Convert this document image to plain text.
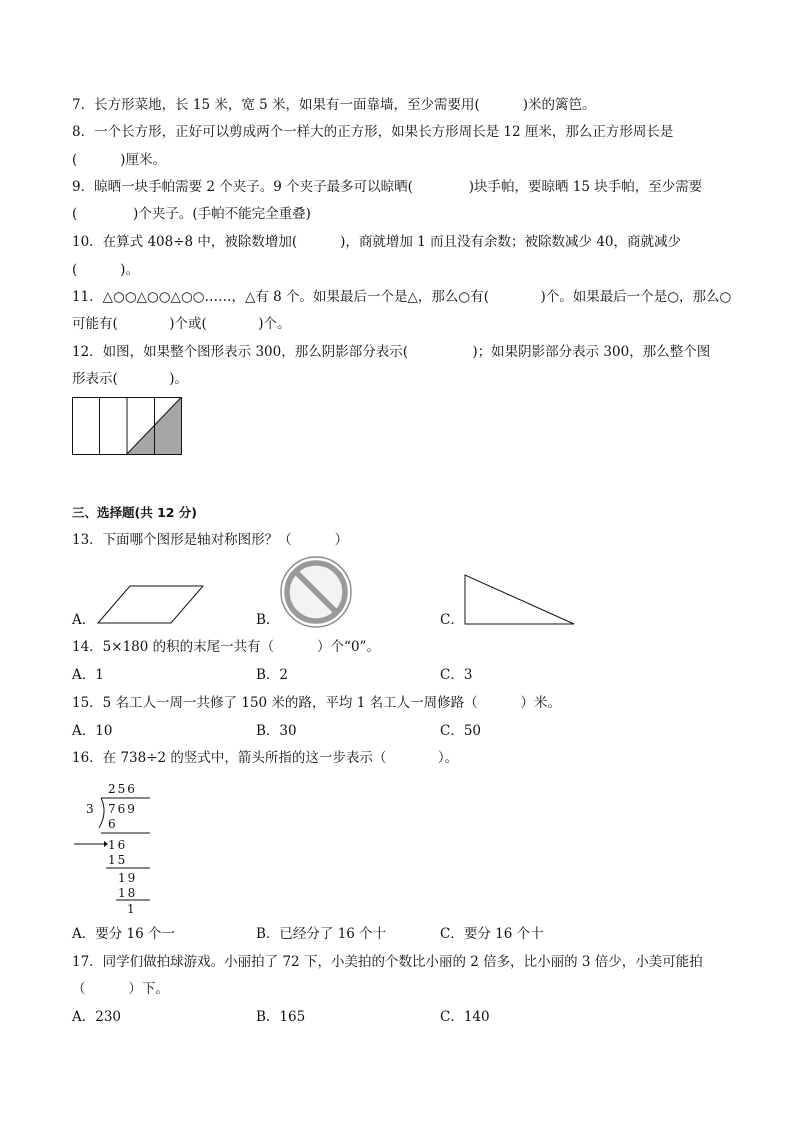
7．长方形菜地，长 15 米，宽 5 米，如果有一面靠墙，至少需要用(          )米的篱笆。
8．一个长方形，正好可以剪成两个一样大的正方形，如果长方形周长是 12 厘米，那么正方形周长是
(          )厘米。
9．晾晒一块手帕需要 2 个夹子。9 个夹子最多可以晾晒(             )块手帕，要晾晒 15 块手帕，至少需要
(             )个夹子。(手帕不能完全重叠)
10．在算式 408÷8 中，被除数增加(          )，商就增加 1 而且没有余数；被除数减少 40，商就减少
(          )。
11．△○○△○○△○○……，△有 8 个。如果最后一个是△，那么○有(            )个。如果最后一个是○，那么○
可能有(            )个或(            )个。
12．如图，如果整个图形表示 300，那么阴影部分表示(               )；如果阴影部分表示 300，那么整个图
形表示(            )。
三、选择题(共 12 分)
13．下面哪个图形是轴对称图形？（          ）
A．	B．	C．
14．5×180 的积的末尾一共有（          ）个“0”。
A．1	B．2	C．3
15．5 名工人一周一共修了 150 米的路，平均 1 名工人一周修路（          ）米。
A．10	B．30	C．50
16．在 738÷2 的竖式中，箭头所指的这一步表示（            ）。
256
3 769
6
16
15
19
18
1
A．要分 16 个一	B．已经分了 16 个十	C．要分 16 个十
17．同学们做拍球游戏。小丽拍了 72 下，小美拍的个数比小丽的 2 倍多，比小丽的 3 倍少，小美可能拍
（          ）下。
A．230	B．165	C．140
